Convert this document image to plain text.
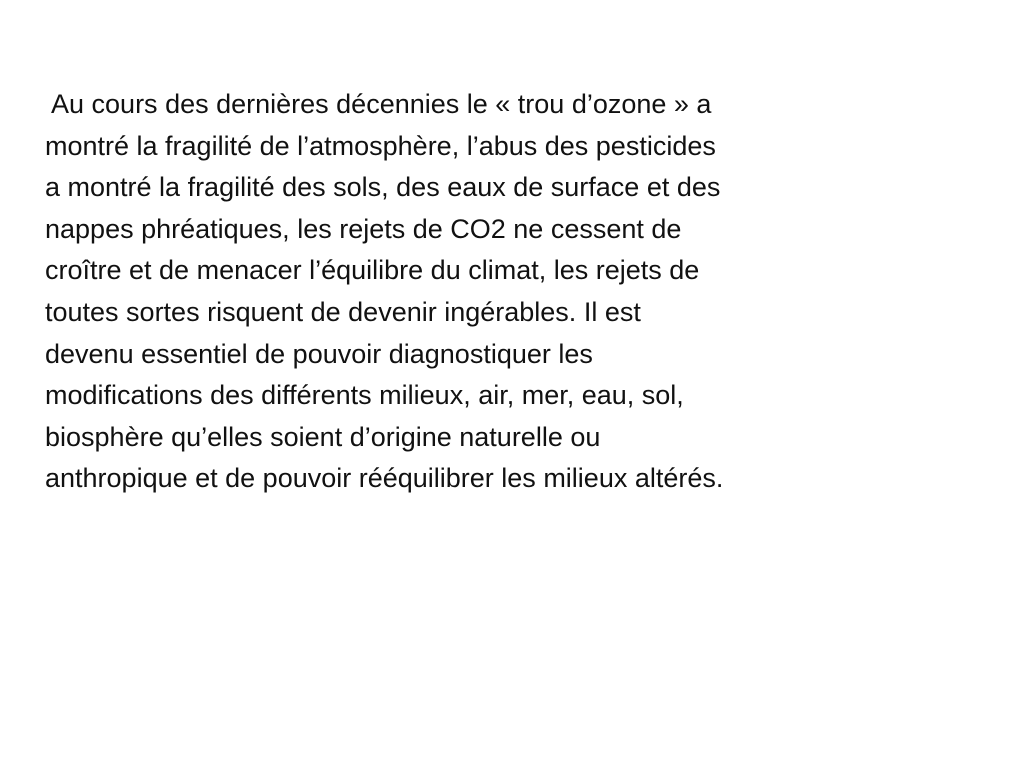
Au cours des dernières décennies le « trou d’ozone » a
montré la fragilité de l’atmosphère, l’abus des pesticides
a montré la fragilité des sols, des eaux de surface et des
nappes phréatiques, les rejets de CO2 ne cessent de
croître et de menacer l’équilibre du climat, les rejets de
toutes sortes risquent de devenir ingérables. Il est
devenu essentiel de pouvoir diagnostiquer les
modifications des différents milieux, air, mer, eau, sol,
biosphère qu’elles soient d’origine naturelle ou
anthropique et de pouvoir rééquilibrer les milieux altérés.
